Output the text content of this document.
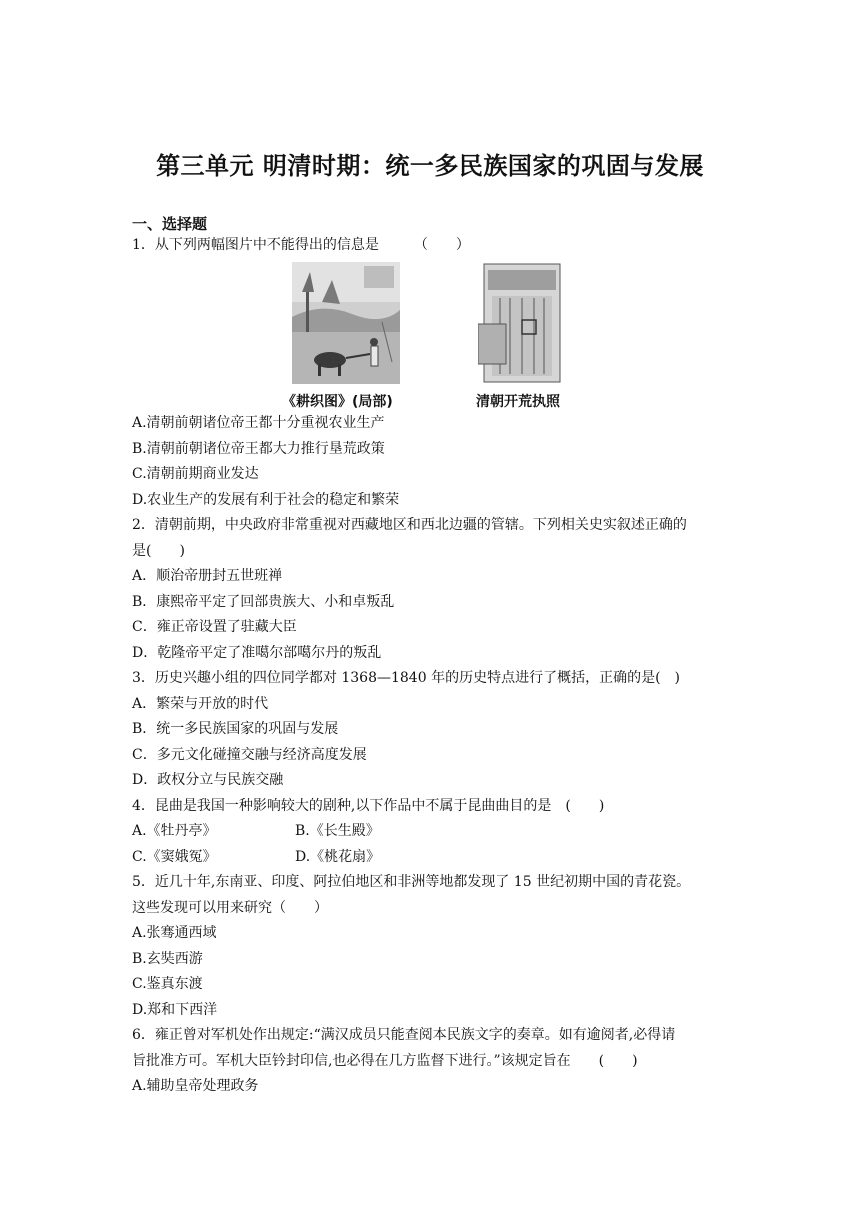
第三单元 明清时期：统一多民族国家的巩固与发展
一、选择题
1．从下列两幅图片中不能得出的信息是　　　（　　）
《耕织图》(局部)	清朝开荒执照
A.清朝前朝诸位帝王都十分重视农业生产
B.清朝前朝诸位帝王都大力推行垦荒政策
C.清朝前期商业发达
D.农业生产的发展有利于社会的稳定和繁荣
2．清朝前期，中央政府非常重视对西藏地区和西北边疆的管辖。下列相关史实叙述正确的
是(　　)
A．顺治帝册封五世班禅
B．康熙帝平定了回部贵族大、小和卓叛乱
C．雍正帝设置了驻藏大臣
D．乾隆帝平定了准噶尔部噶尔丹的叛乱
3．历史兴趣小组的四位同学都对 1368—1840 年的历史特点进行了概括，正确的是(　)
A．繁荣与开放的时代
B．统一多民族国家的巩固与发展
C．多元文化碰撞交融与经济高度发展
D．政权分立与民族交融
4．昆曲是我国一种影响较大的剧种,以下作品中不属于昆曲曲目的是　(　　)
A.《牡丹亭》	B.《长生殿》
C.《窦娥冤》	D.《桃花扇》
5．近几十年,东南亚、印度、阿拉伯地区和非洲等地都发现了 15 世纪初期中国的青花瓷。
这些发现可以用来研究（　　）
A.张骞通西域
B.玄奘西游
C.鉴真东渡
D.郑和下西洋
6．雍正曾对军机处作出规定:“满汉成员只能查阅本民族文字的奏章。如有逾阅者,必得请
旨批准方可。军机大臣钤封印信,也必得在几方监督下进行。”该规定旨在　　(　　)
A.辅助皇帝处理政务
